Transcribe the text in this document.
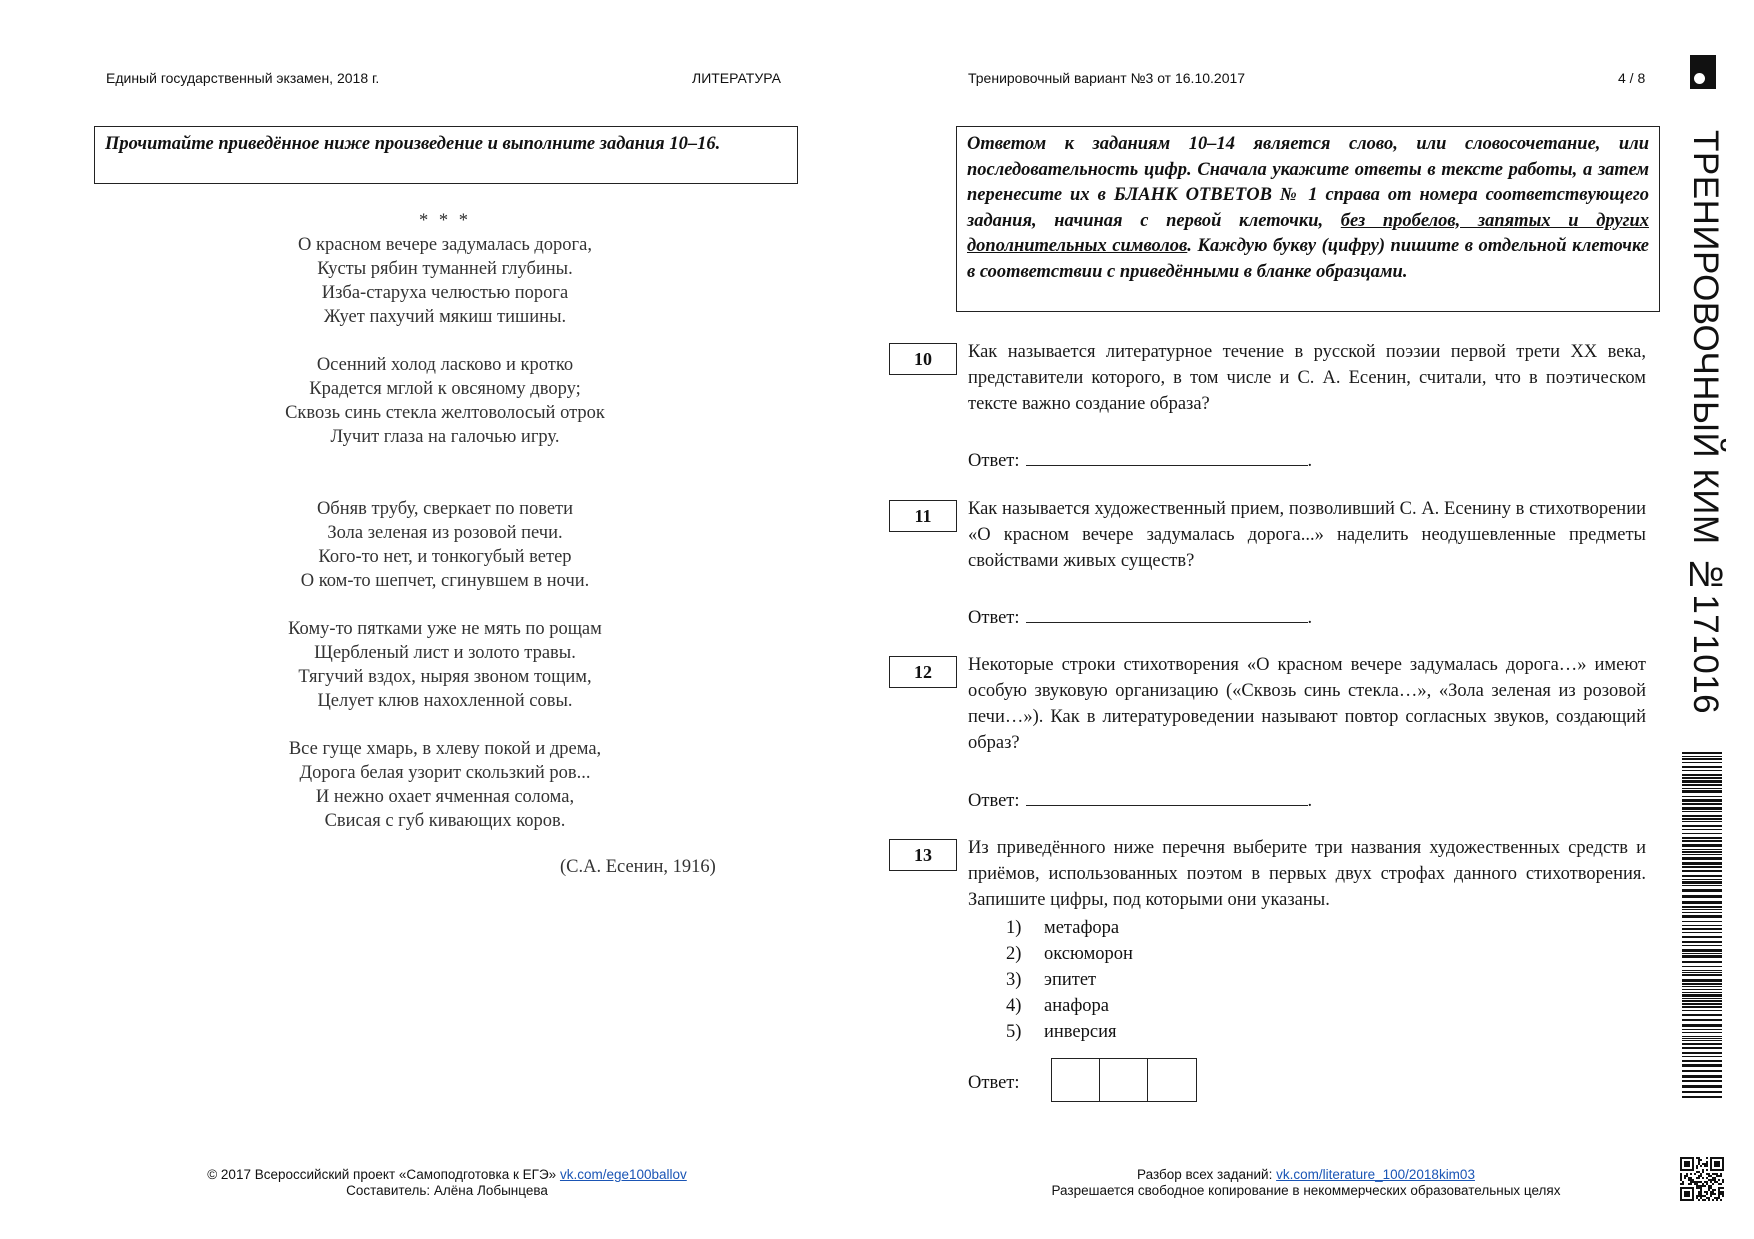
Единый государственный экзамен, 2018 г.	ЛИТЕРАТУРА	Тренировочный вариант №3 от 16.10.2017	4 / 8
Прочитайте приведённое ниже произведение и выполните задания 10–16.
* * *
О красном вечере задумалась дорога,
Кусты рябин туманней глубины.
Изба-старуха челюстью порога
Жует пахучий мякиш тишины.
Осенний холод ласково и кротко
Крадется мглой к овсяному двору;
Сквозь синь стекла желтоволосый отрок
Лучит глаза на галочью игру.
Обняв трубу, сверкает по повети
Зола зеленая из розовой печи.
Кого-то нет, и тонкогубый ветер
О ком-то шепчет, сгинувшем в ночи.
Кому-то пятками уже не мять по рощам
Щербленый лист и золото травы.
Тягучий вздох, ныряя звоном тощим,
Целует клюв нахохленной совы.
Все гуще хмарь, в хлеву покой и дрема,
Дорога белая узорит скользкий ров...
И нежно охает ячменная солома,
Свисая с губ кивающих коров.
(С.А. Есенин, 1916)
Ответом к заданиям 10–14 является слово, или словосочетание, или последовательность цифр. Сначала укажите ответы в тексте работы, а затем перенесите их в БЛАНК ОТВЕТОВ № 1 справа от номера соответствующего задания, начиная с первой клеточки, без пробелов, запятых и других дополнительных символов. Каждую букву (цифру) пишите в отдельной клеточке в соответствии с приведёнными в бланке образцами.
10	Как называется литературное течение в русской поэзии первой трети XX века, представители которого, в том числе и С. А. Есенин, считали, что в поэтическом тексте важно создание образа?
Ответ:	.
11	Как называется художественный прием, позволивший С. А. Есенину в стихотворении «О красном вечере задумалась дорога...» наделить неодушевленные предметы свойствами живых существ?
Ответ:	.
12	Некоторые строки стихотворения «О красном вечере задумалась дорога…» имеют особую звуковую организацию («Сквозь синь стекла…», «Зола зеленая из розовой печи…»). Как в литературоведении называют повтор согласных звуков, создающий образ?
Ответ:	.
13	Из приведённого ниже перечня выберите три названия художественных средств и приёмов, использованных поэтом в первых двух строфах данного стихотворения. Запишите цифры, под которыми они указаны.
1) метафора
2) оксюморон
3) эпитет
4) анафора
5) инверсия
Ответ:
© 2017 Всероссийский проект «Самоподготовка к ЕГЭ» vk.com/ege100ballov
Составитель: Алёна Лобынцева
Разбор всех заданий: vk.com/literature_100/2018kim03
Разрешается свободное копирование в некоммерческих образовательных целях
ТРЕНИРОВОЧНЫЙ КИМ №171016
